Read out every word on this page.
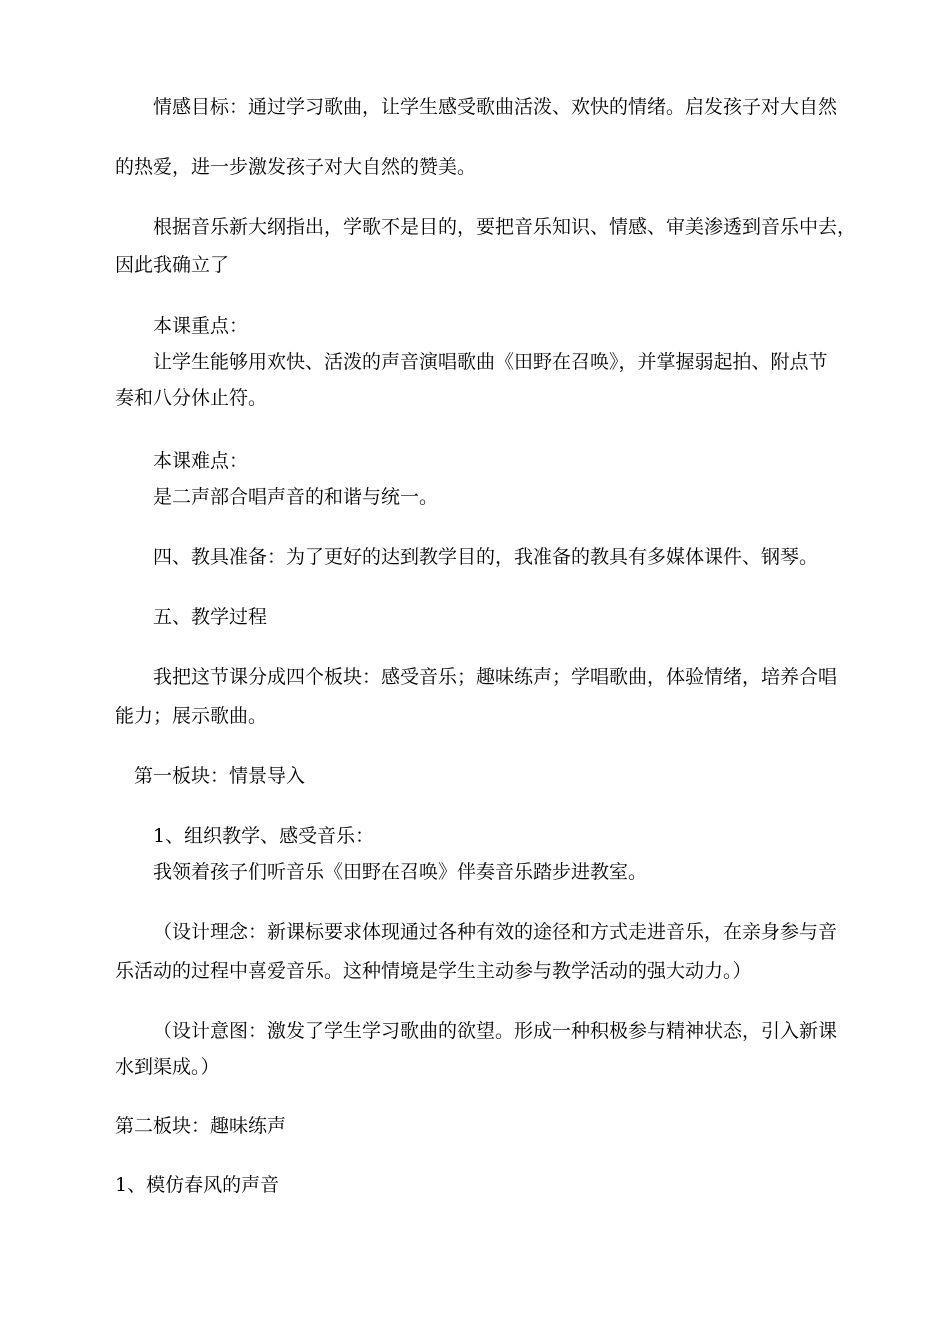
情感目标：通过学习歌曲，让学生感受歌曲活泼、欢快的情绪。启发孩子对大自然
的热爱，进一步激发孩子对大自然的赞美。
根据音乐新大纲指出，学歌不是目的，要把音乐知识、情感、审美渗透到音乐中去，
因此我确立了
本课重点：
让学生能够用欢快、活泼的声音演唱歌曲《田野在召唤》，并掌握弱起拍、附点节
奏和八分休止符。
本课难点：
是二声部合唱声音的和谐与统一。
四、教具准备：为了更好的达到教学目的，我准备的教具有多媒体课件、钢琴。
五、教学过程
我把这节课分成四个板块：感受音乐；趣味练声；学唱歌曲，体验情绪，培养合唱
能力；展示歌曲。
第一板块：情景导入
1、组织教学、感受音乐：
我领着孩子们听音乐《田野在召唤》伴奏音乐踏步进教室。
（设计理念：新课标要求体现通过各种有效的途径和方式走进音乐，在亲身参与音
乐活动的过程中喜爱音乐。这种情境是学生主动参与教学活动的强大动力。）
（设计意图：激发了学生学习歌曲的欲望。形成一种积极参与精神状态，引入新课
水到渠成。）
第二板块：趣味练声
1、模仿春风的声音
